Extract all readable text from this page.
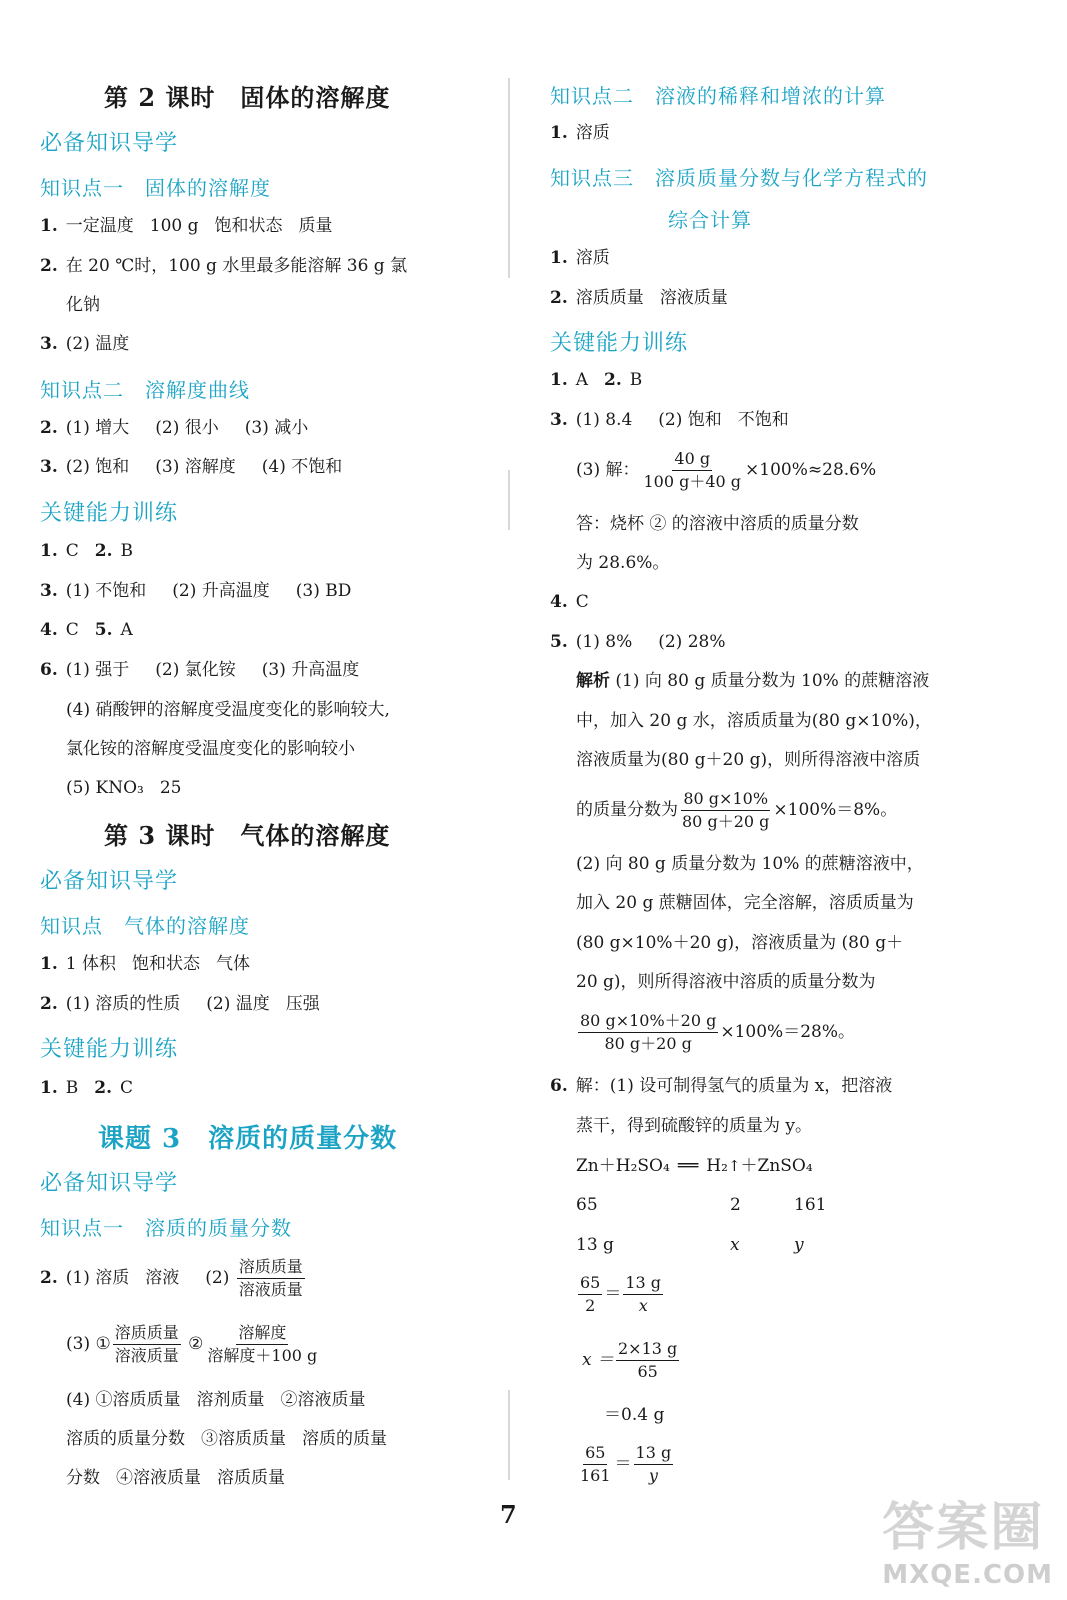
第 2 课时　固体的溶解度
必备知识导学
知识点一　固体的溶解度
1. 一定温度 100 g 饱和状态 质量
2. 在 20 ℃时，100 g 水里最多能溶解 36 g 氯
化钠
3. (2) 温度
知识点二　溶解度曲线
2. (1) 增大 (2) 很小 (3) 减小
3. (2) 饱和 (3) 溶解度 (4) 不饱和
关键能力训练
1. C 2. B
3. (1) 不饱和 (2) 升高温度 (3) BD
4. C 5. A
6. (1) 强于 (2) 氯化铵 (3) 升高温度
(4) 硝酸钾的溶解度受温度变化的影响较大,
氯化铵的溶解度受温度变化的影响较小
(5) KNO₃ 25
第 3 课时　气体的溶解度
必备知识导学
知识点　气体的溶解度
1. 1 体积 饱和状态 气体
2. (1) 溶质的性质 (2) 温度 压强
关键能力训练
1. B 2. C
课题 3　溶质的质量分数
必备知识导学
知识点一　溶质的质量分数
2. (1) 溶质 溶液 $(2) \frac{\text{溶质质量}}{\text{溶液质量}}$
(3) ① $\frac{\text{溶质质量}}{\text{溶液质量}}$ ② $\frac{\text{溶解度}}{\text{溶解度＋100 g}}$
(4) ①溶质质量 溶剂质量 ②溶液质量
溶质的质量分数 ③溶质质量 溶质的质量
分数 ④溶液质量 溶质质量
知识点二　溶液的稀释和增浓的计算
1. 溶质
知识点三　溶质质量分数与化学方程式的
综合计算
1. 溶质
2. 溶质质量 溶液质量
关键能力训练
1. A 2. B
3. (1) 8.4 (2) 饱和 不饱和
(3) 解： $\frac{40 g}{100 g+40 g} \times 100\%\approx 28.6\%$
答：烧杯 ② 的溶液中溶质的质量分数
为 28.6%。
4. C
5. (1) 8% (2) 28%
解析 (1) 向 80 g 质量分数为 10% 的蔗糖溶液
中，加入 20 g 水，溶质质量为(80 g×10%)，
溶液质量为(80 g＋20 g)，则所得溶液中溶质
的质量分数为 $\frac{80 g\times 10\%}{80 g+20 g} \times 100\%=8\%$。
(2) 向 80 g 质量分数为 10% 的蔗糖溶液中，
加入 20 g 蔗糖固体，完全溶解，溶质质量为
(80 g×10%＋20 g)，溶液质量为 (80 g＋
20 g)，则所得溶液中溶质的质量分数为
$\frac{80 g\times 10\%+20 g}{80 g+20 g} \times 100\%=28\%$。
6. 解：(1) 设可制得氢气的质量为 x，把溶液
蒸干，得到硫酸锌的质量为 y。
Zn＋H₂SO₄ ══ H₂↑＋ZnSO₄
65	2	161
13 g	x	y
$\frac{65}{2} = \frac{13 g}{x}$
$x = \frac{2\times 13 g}{65}$
＝0.4 g
$\frac{65}{161} = \frac{13 g}{y}$
7	答案圈
MXQE.COM
